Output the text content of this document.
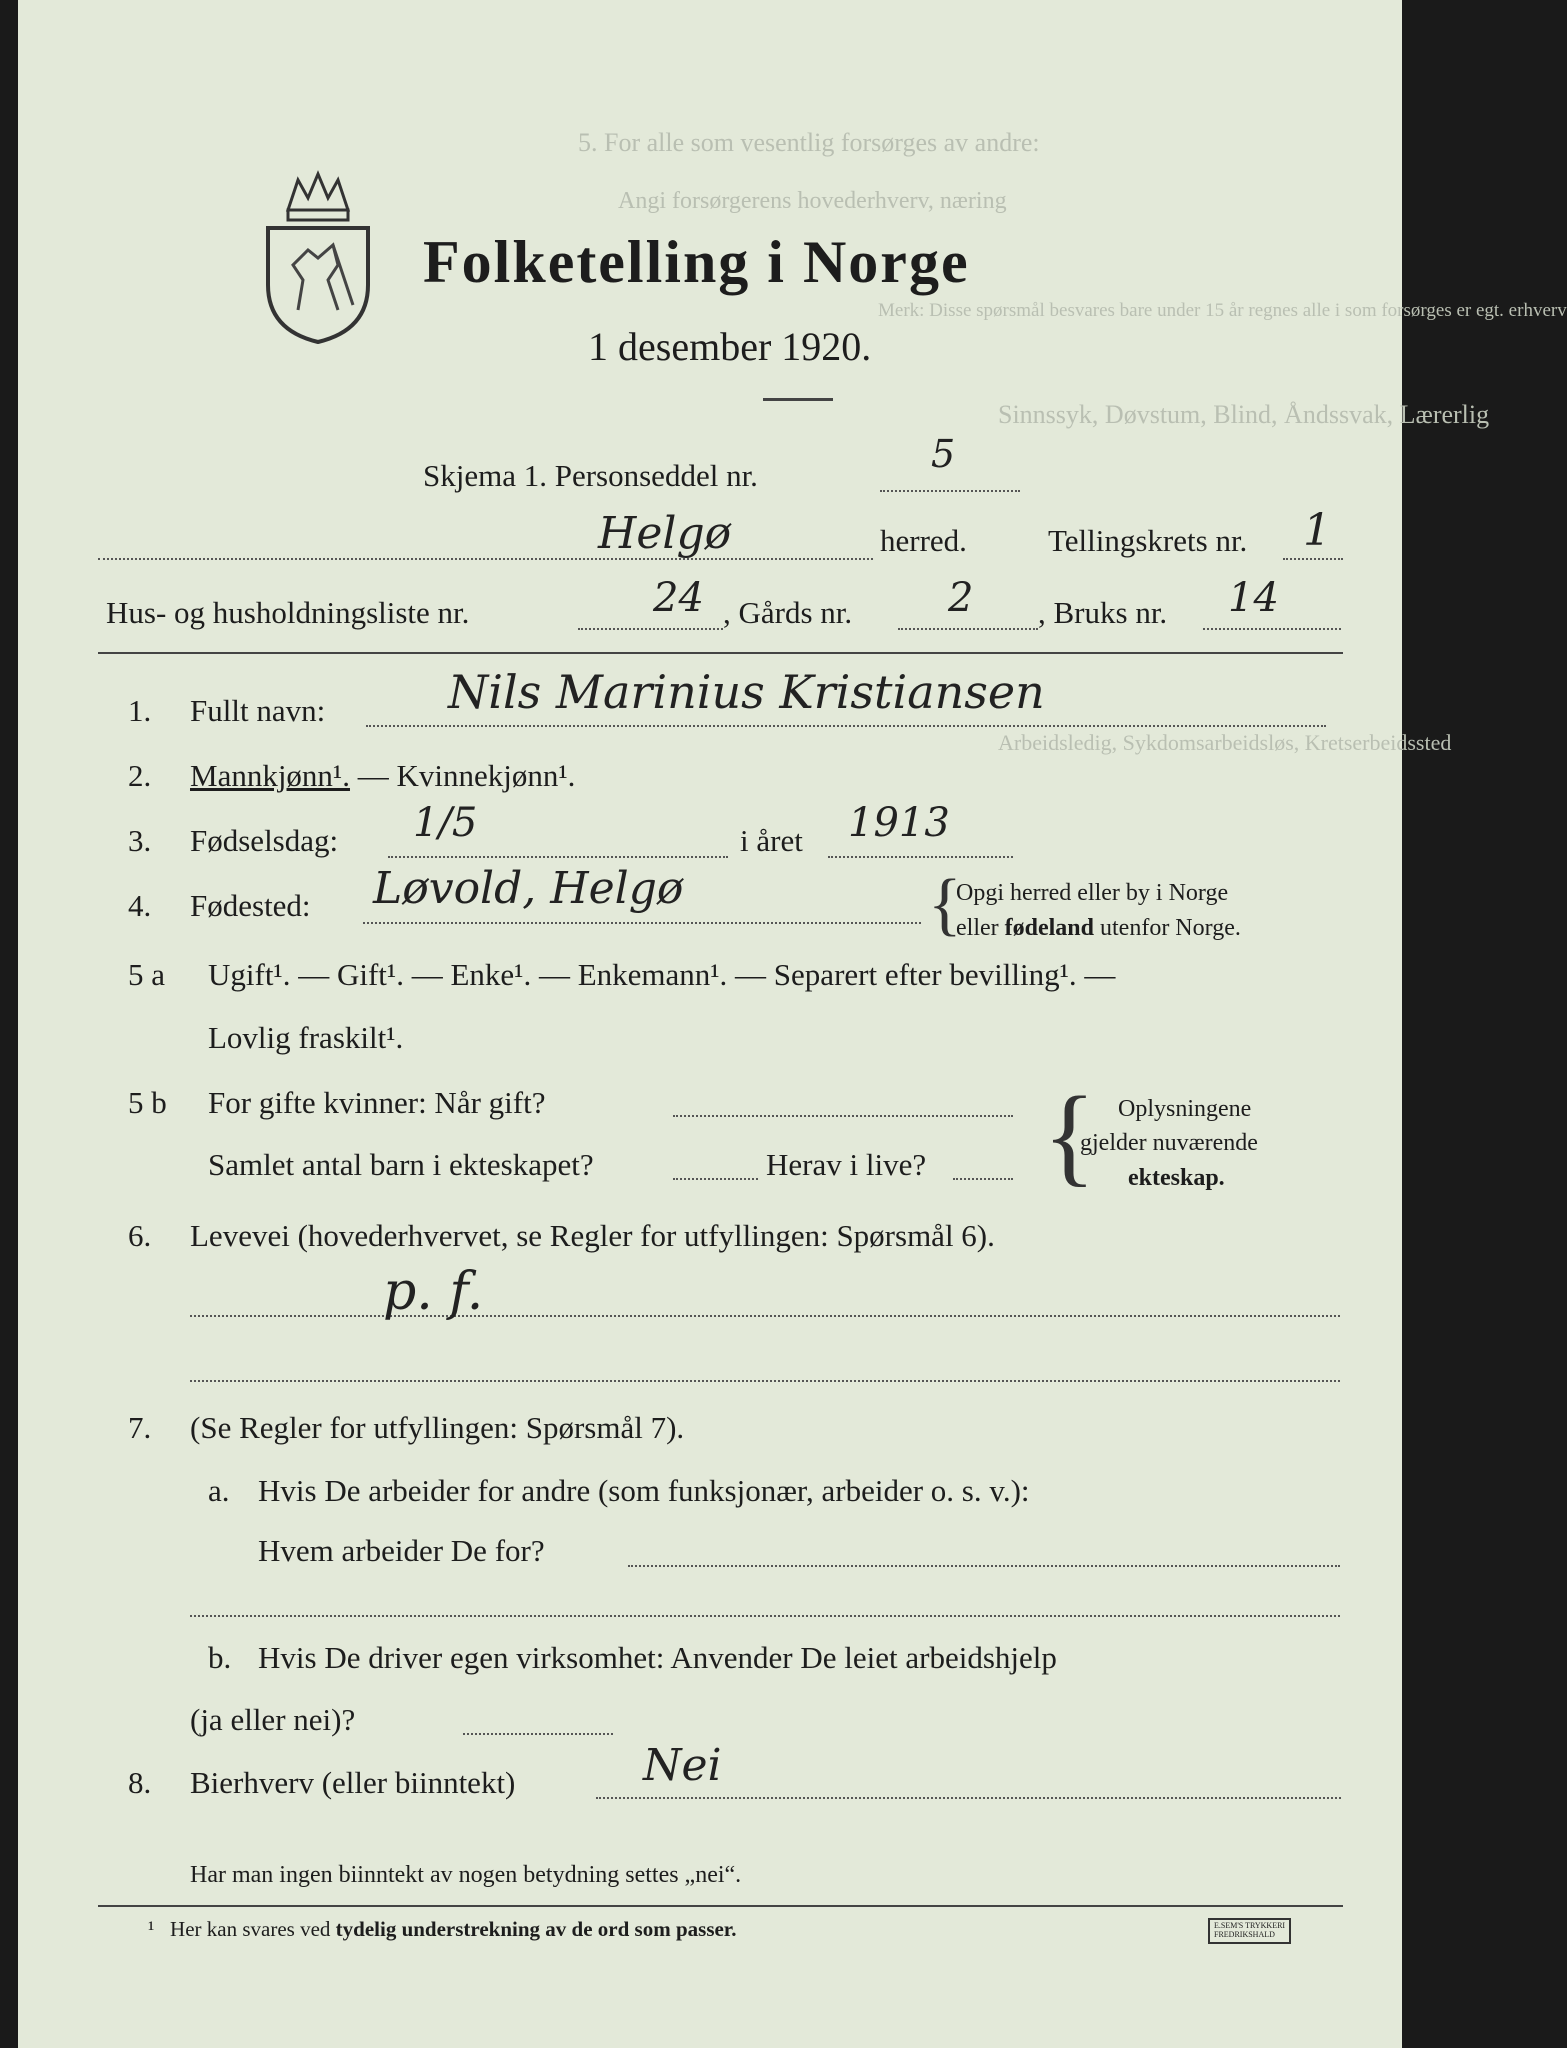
5. For alle som vesentlig forsørges av andre:
Angi forsørgerens hovederhverv, næring
Merk: Disse spørsmål besvares bare under 15 år regnes alle i som forsørges er egt. erhverv
Sinnssyk, Døvstum, Blind, Åndssvak, Lærerlig
Arbeidsledig, Sykdomsarbeidsløs, Kretserbeidssted
Folketelling i Norge
1 desember 1920.
Skjema 1. Personseddel nr.	5
Helgø	herred.	Tellingskrets nr. 1
Hus- og husholdningsliste nr.	24 , Gårds nr. 2 , Bruks nr. 14
1. Fullt navn:	Nils Marinius Kristiansen
2. Mannkjønn¹. — Kvinnekjønn¹.
3. Fødselsdag: 1/5	i året 1913
4. Fødested: Løvold, Helgø	{
Opgi herred eller by i Norge
eller fødeland utenfor Norge.
5 a Ugift¹. — Gift¹. — Enke¹. — Enkemann¹. — Separert efter bevilling¹. —
Lovlig fraskilt¹.
5 b For gifte kvinner: Når gift?
Samlet antal barn i ekteskapet?	Herav i live? { Oplysningene
gjelder nuværende
ekteskap.
6. Levevei (hovederhvervet, se Regler for utfyllingen: Spørsmål 6).
p. f.
7. (Se Regler for utfyllingen: Spørsmål 7).
a. Hvis De arbeider for andre (som funksjonær, arbeider o. s. v.):
Hvem arbeider De for?
b. Hvis De driver egen virksomhet: Anvender De leiet arbeidshjelp
(ja eller nei)?
8. Bierhverv (eller biinntekt)	Nei
Har man ingen biinntekt av nogen betydning settes „nei“.
¹ Her kan svares ved tydelig understrekning av de ord som passer.	E.SEM'S TRYKKERI
FREDRIKSHALD
